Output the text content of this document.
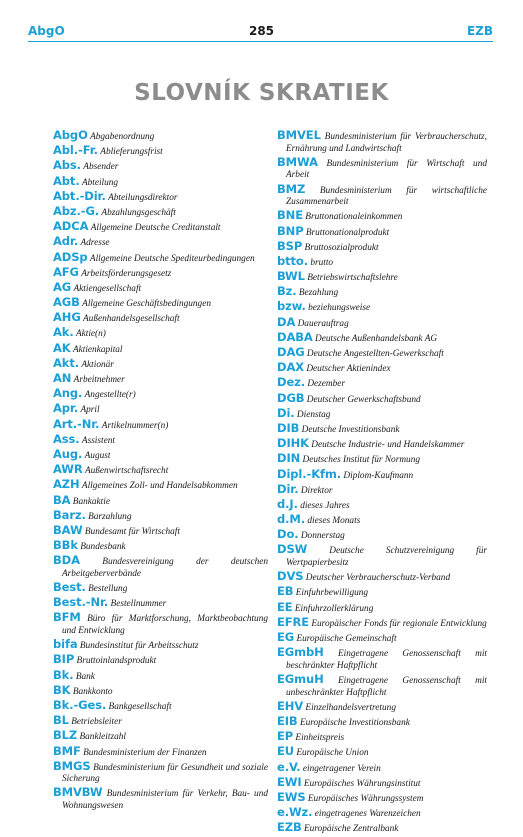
AbgO	285	EZB
SLOVNÍK SKRATIEK
AbgO Abgabenordnung
Abl.-Fr. Ablieferungsfrist
Abs. Absender
Abt. Abteilung
Abt.-Dir. Abteilungsdirektor
Abz.-G. Abzahlungsgeschäft
ADCA Allgemeine Deutsche Creditanstalt
Adr. Adresse
ADSp Allgemeine Deutsche Spediteurbedingungen
AFG Arbeitsförderungsgesetz
AG Aktiengesellschaft
AGB Allgemeine Geschäftsbedingungen
AHG Außenhandelsgesellschaft
Ak. Aktie(n)
AK Aktienkapital
Akt. Aktionär
AN Arbeitnehmer
Ang. Angestellte(r)
Apr. April
Art.-Nr. Artikelnummer(n)
Ass. Assistent
Aug. August
AWR Außenwirtschaftsrecht
AZH Allgemeines Zoll- und Handelsabkommen
BA Bankaktie
Barz. Barzahlung
BAW Bundesamt für Wirtschaft
BBk Bundesbank
BDA Bundesvereinigung der deutschen Arbeitgeberverbände
Best. Bestellung
Best.-Nr. Bestellnummer
BFM Büro für Marktforschung, Marktbeobachtung und Entwicklung
bifa Bundesinstitut für Arbeitsschutz
BIP Bruttoinlandsprodukt
Bk. Bank
BK Bankkonto
Bk.-Ges. Bankgesellschaft
BL Betriebsleiter
BLZ Bankleitzahl
BMF Bundesministerium der Finanzen
BMGS Bundesministerium für Gesundheit und soziale Sicherung
BMVBW Bundesministerium für Verkehr, Bau- und Wohnungswesen
BMVEL Bundesministerium für Verbraucherschutz, Ernährung und Landwirtschaft
BMWA Bundesministerium für Wirtschaft und Arbeit
BMZ Bundesministerium für wirtschaftliche Zusammenarbeit
BNE Bruttonationaleinkommen
BNP Bruttonationalprodukt
BSP Bruttosozialprodukt
btto. brutto
BWL Betriebswirtschaftslehre
Bz. Bezahlung
bzw. beziehungsweise
DA Dauerauftrag
DABA Deutsche Außenhandelsbank AG
DAG Deutsche Angestellten-Gewerkschaft
DAX Deutscher Aktienindex
Dez. Dezember
DGB Deutscher Gewerkschaftsbund
Di. Dienstag
DIB Deutsche Investitionsbank
DIHK Deutsche Industrie- und Handelskammer
DIN Deutsches Institut für Normung
Dipl.-Kfm. Diplom-Kaufmann
Dir. Direktor
d.J. dieses Jahres
d.M. dieses Monats
Do. Donnerstag
DSW Deutsche Schutzvereinigung für Wertpapierbesitz
DVS Deutscher Verbraucherschutz-Verband
EB Einfuhrbewilligung
EE Einfuhrzollerklärung
EFRE Europäischer Fonds für regionale Entwicklung
EG Europäische Gemeinschaft
EGmbH Eingetragene Genossenschaft mit beschränkter Haftpflicht
EGmuH Eingetragene Genossenschaft mit unbeschränkter Haftpflicht
EHV Einzelhandelsvertretung
EIB Europäische Investitionsbank
EP Einheitspreis
EU Europäische Union
e.V. eingetragener Verein
EWI Europäisches Währungsinstitut
EWS Europäisches Währungssystem
e.Wz. eingetragenes Warenzeichen
EZB Europäische Zentralbank
